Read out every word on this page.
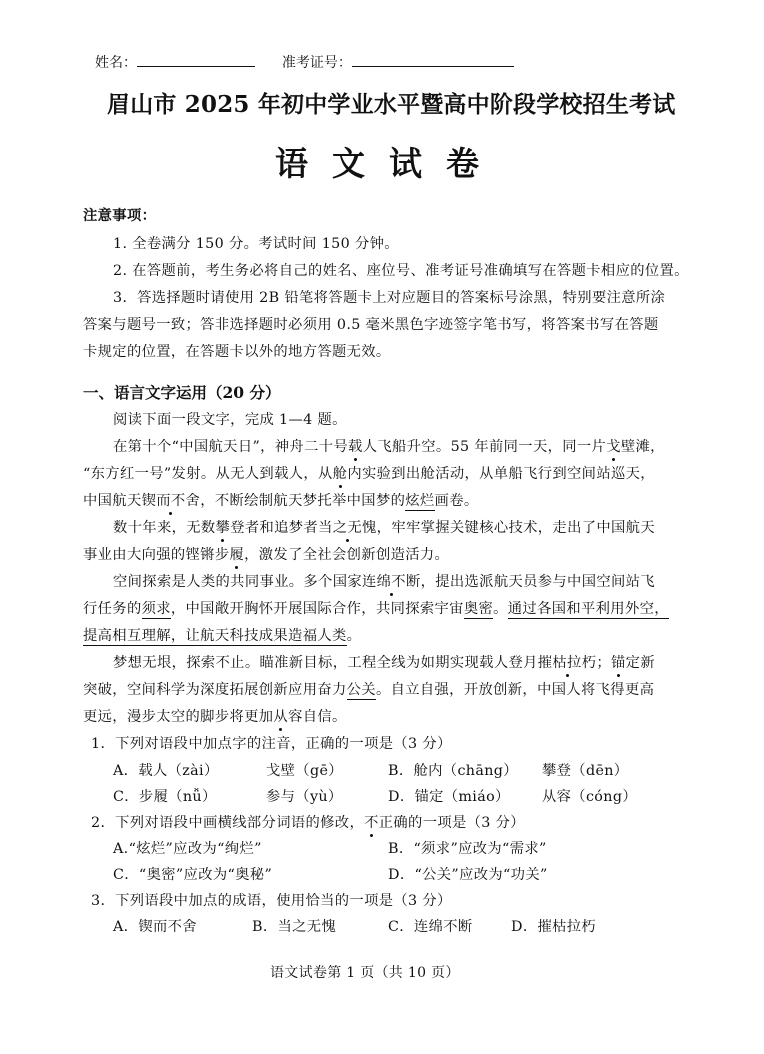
姓名：	准考证号：
眉山市 2025 年初中学业水平暨高中阶段学校招生考试
语文试卷
注意事项：
1. 全卷满分 150 分。考试时间 150 分钟。
2. 在答题前，考生务必将自己的姓名、座位号、准考证号准确填写在答题卡相应的位置。
3．答选择题时请使用 2B 铅笔将答题卡上对应题目的答案标号涂黑，特别要注意所涂
答案与题号一致；答非选择题时必须用 0.5 毫米黑色字迹签字笔书写，将答案书写在答题
卡规定的位置，在答题卡以外的地方答题无效。
一、语言文字运用（20 分）
阅读下面一段文字，完成 1—4 题。
在第十个“中国航天日”，神舟二十号载人飞船升空。55 年前同一天，同一片戈壁滩，
“东方红一号”发射。从无人到载人，从舱内实验到出舱活动，从单船飞行到空间站巡天，
中国航天锲而不舍，不断绘制航天梦托举中国梦的炫烂画卷。
数十年来，无数攀登者和追梦者当之无愧，牢牢掌握关键核心技术，走出了中国航天
事业由大向强的铿锵步履，激发了全社会创新创造活力。
空间探索是人类的共同事业。多个国家连绵不断，提出选派航天员参与中国空间站飞
行任务的须求，中国敞开胸怀开展国际合作，共同探索宇宙奥密。通过各国和平利用外空，
提高相互理解，让航天科技成果造福人类。
梦想无垠，探索不止。瞄准新目标，工程全线为如期实现载人登月摧枯拉朽；锚定新
突破，空间科学为深度拓展创新应用奋力公关。自立自强，开放创新，中国人将飞得更高
更远，漫步太空的脚步将更加从容自信。
1．下列对语段中加点字的注音，正确的一项是（3 分）
A．载人（zài）	戈壁（gē）	B．舱内（chāng） 攀登（dēn）
C．步履（nǚ）	参与（yù）	D．锚定（miáo） 从容（cóng）
2．下列对语段中画横线部分词语的修改，不正确的一项是（3 分）
A.“炫烂”应改为“绚烂”	B．“须求”应改为“需求”
C．“奥密”应改为“奥秘”	D．“公关”应改为“功关”
3．下列语段中加点的成语，使用恰当的一项是（3 分）
A．锲而不舍	B．当之无愧	C．连绵不断	D．摧枯拉朽
语文试卷第 1 页（共 10 页）
